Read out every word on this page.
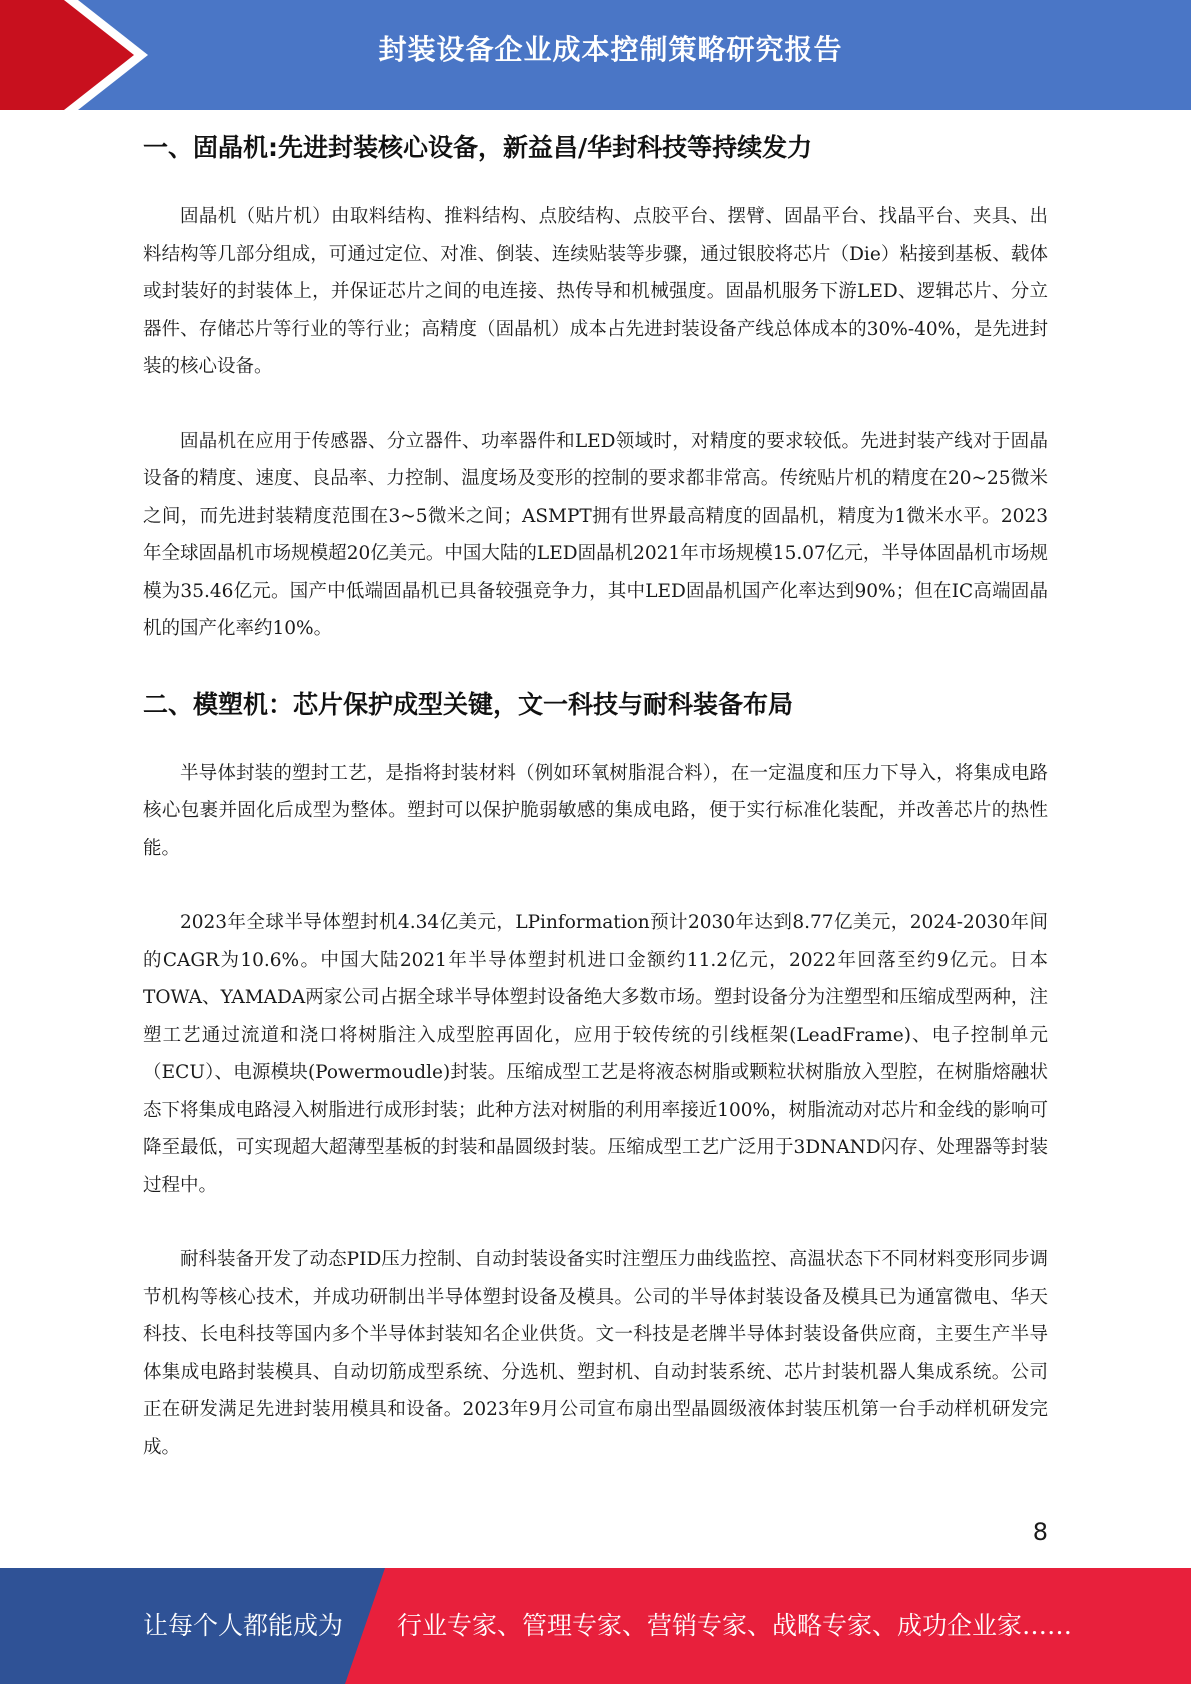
封装设备企业成本控制策略研究报告
一、固晶机:先进封装核心设备，新益昌/华封科技等持续发力

固晶机（贴片机）由取料结构、推料结构、点胶结构、点胶平台、摆臂、固晶平台、找晶平台、夹具、出料结构等几部分组成，可通过定位、对准、倒装、连续贴装等步骤，通过银胶将芯片（Die）粘接到基板、载体或封装好的封装体上，并保证芯片之间的电连接、热传导和机械强度。固晶机服务下游LED、逻辑芯片、分立器件、存储芯片等行业的等行业；高精度（固晶机）成本占先进封装设备产线总体成本的30%-40%，是先进封装的核心设备。

固晶机在应用于传感器、分立器件、功率器件和LED领域时，对精度的要求较低。先进封装产线对于固晶设备的精度、速度、良品率、力控制、温度场及变形的控制的要求都非常高。传统贴片机的精度在20~25微米之间，而先进封装精度范围在3~5微米之间；ASMPT拥有世界最高精度的固晶机，精度为1微米水平。2023年全球固晶机市场规模超20亿美元。中国大陆的LED固晶机2021年市场规模15.07亿元，半导体固晶机市场规模为35.46亿元。国产中低端固晶机已具备较强竞争力，其中LED固晶机国产化率达到90%；但在IC高端固晶机的国产化率约10%。

二、模塑机：芯片保护成型关键，文一科技与耐科装备布局

半导体封装的塑封工艺，是指将封装材料（例如环氧树脂混合料），在一定温度和压力下导入，将集成电路核心包裹并固化后成型为整体。塑封可以保护脆弱敏感的集成电路，便于实行标准化装配，并改善芯片的热性能。

2023年全球半导体塑封机4.34亿美元，LPinformation预计2030年达到8.77亿美元，2024-2030年间的CAGR为10.6%。中国大陆2021年半导体塑封机进口金额约11.2亿元，2022年回落至约9亿元。日本TOWA、YAMADA两家公司占据全球半导体塑封设备绝大多数市场。塑封设备分为注塑型和压缩成型两种，注塑工艺通过流道和浇口将树脂注入成型腔再固化，应用于较传统的引线框架(LeadFrame)、电子控制单元（ECU）、电源模块(Powermoudle)封装。压缩成型工艺是将液态树脂或颗粒状树脂放入型腔，在树脂熔融状态下将集成电路浸入树脂进行成形封装；此种方法对树脂的利用率接近100%，树脂流动对芯片和金线的影响可降至最低，可实现超大超薄型基板的封装和晶圆级封装。压缩成型工艺广泛用于3DNAND闪存、处理器等封装过程中。

耐科装备开发了动态PID压力控制、自动封装设备实时注塑压力曲线监控、高温状态下不同材料变形同步调节机构等核心技术，并成功研制出半导体塑封设备及模具。公司的半导体封装设备及模具已为通富微电、华天科技、长电科技等国内多个半导体封装知名企业供货。文一科技是老牌半导体封装设备供应商，主要生产半导体集成电路封装模具、自动切筋成型系统、分选机、塑封机、自动封装系统、芯片封装机器人集成系统。公司正在研发满足先进封装用模具和设备。2023年9月公司宣布扇出型晶圆级液体封装压机第一台手动样机研发完成。

8
让每个人都能成为 行业专家、管理专家、营销专家、战略专家、成功企业家……
